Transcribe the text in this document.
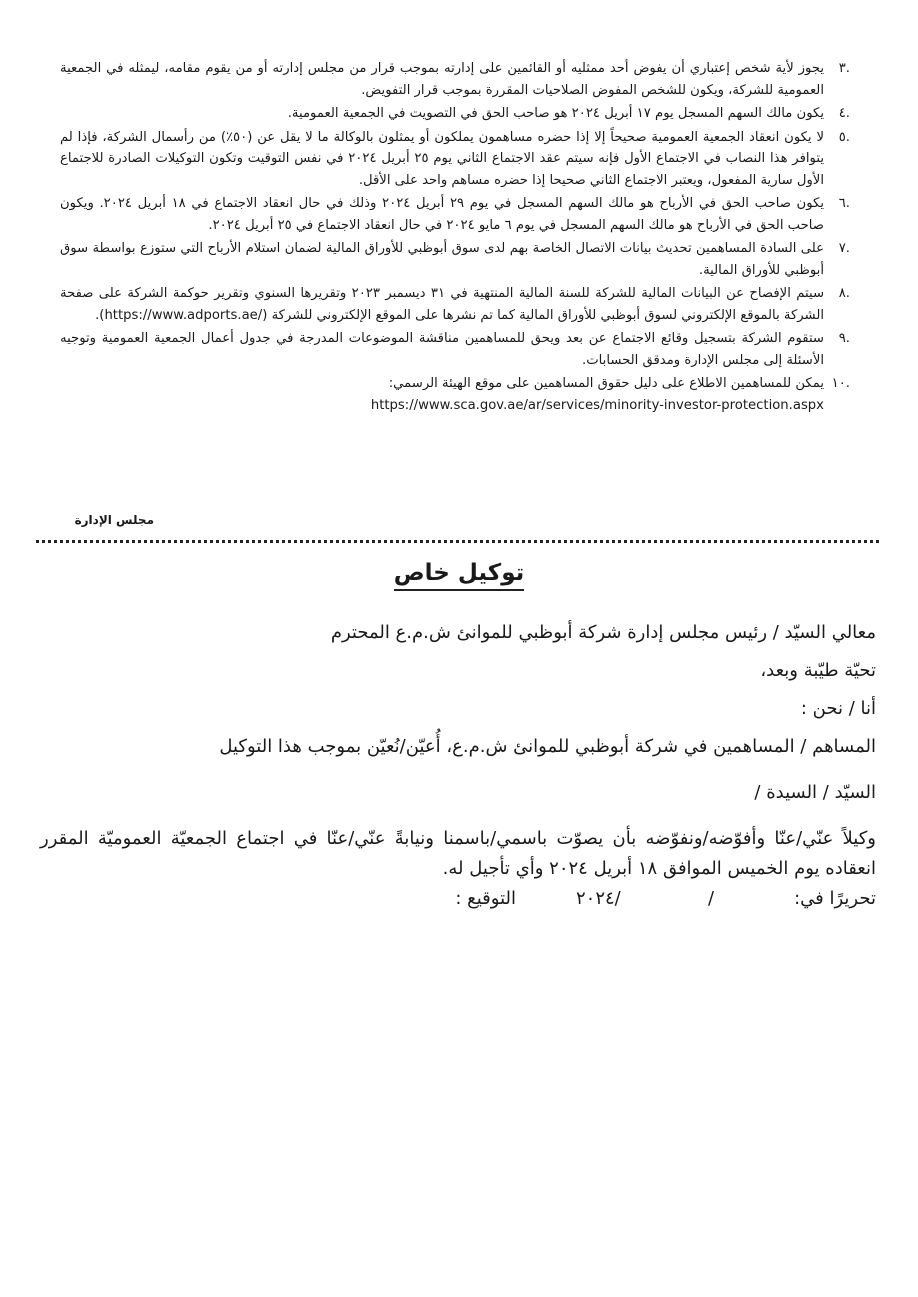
.٣
يجوز لأية شخص إعتباري أن يفوض أحد ممثليه أو القائمين على إدارته بموجب قرار من مجلس إدارته أو من يقوم مقامه، ليمثله في الجمعية العمومية للشركة، ويكون للشخص المفوض الصلاحيات المقررة بموجب قرار التفويض.
.٤
يكون مالك السهم المسجل يوم ١٧ أبريل ٢٠٢٤ هو صاحب الحق في التصويت في الجمعية العمومية.
.٥
لا يكون انعقاد الجمعية العمومية صحيحاً إلا إذا حضره مساهمون يملكون أو يمثلون بالوكالة ما لا يقل عن (٥٠٪) من رأسمال الشركة، فإذا لم يتوافر هذا النصاب في الاجتماع الأول فإنه سيتم عقد الاجتماع الثاني يوم ٢٥ أبريل ٢٠٢٤ في نفس التوقيت وتكون التوكيلات الصادرة للاجتماع الأول سارية المفعول، ويعتبر الاجتماع الثاني صحيحا إذا حضره مساهم واحد على الأقل.
.٦
يكون صاحب الحق في الأرباح هو مالك السهم المسجل في يوم ٢٩ أبريل ٢٠٢٤ وذلك في حال انعقاد الاجتماع في ١٨ أبريل ٢٠٢٤. ويكون صاحب الحق في الأرباح هو مالك السهم المسجل في يوم ٦ مايو ٢٠٢٤ في حال انعقاد الاجتماع في ٢٥ أبريل ٢٠٢٤.
.٧
على السادة المساهمين تحديث بيانات الاتصال الخاصة بهم لدى سوق أبوظبي للأوراق المالية لضمان استلام الأرباح التي ستوزع بواسطة سوق أبوظبي للأوراق المالية.
.٨
سيتم الإفصاح عن البيانات المالية للشركة للسنة المالية المنتهية في ٣١ ديسمبر ٢٠٢٣ وتقريرها السنوي وتقرير حوكمة الشركة على صفحة الشركة بالموقع الإلكتروني لسوق أبوظبي للأوراق المالية كما تم نشرها على الموقع الإلكتروني للشركة (/https://www.adports.ae).
.٩
ستقوم الشركة بتسجيل وقائع الاجتماع عن بعد ويحق للمساهمين مناقشة الموضوعات المدرجة في جدول أعمال الجمعية العمومية وتوجيه الأسئلة إلى مجلس الإدارة ومدقق الحسابات.
.١٠
يمكن للمساهمين الاطلاع على دليل حقوق المساهمين على موقع الهيئة الرسمي:
https://www.sca.gov.ae/ar/services/minority-investor-protection.aspx
مجلس الإدارة
توكيل خاص

معالي السيّد / رئيس مجلس إدارة شركة أبوظبي للموانئ ش.م.ع المحترم

تحيّة طيّبة وبعد،

أنا / نحن :

المساهم / المساهمين في شركة أبوظبي للموانئ ش.م.ع، أُعيّن/نُعيّن بموجب هذا التوكيل

السيّد / السيدة /

وكيلاً عنّي/عنّا وأفوّضه/ونفوّضه بأن يصوّت باسمي/باسمنا ونيابةً عنّي/عنّا في اجتماع الجمعيّة العموميّة المقرر انعقاده يوم الخميس الموافق ١٨ أبريل ٢٠٢٤ وأي تأجيل له.

تحريرًا في:
/
/٢٠٢٤
التوقيع :
